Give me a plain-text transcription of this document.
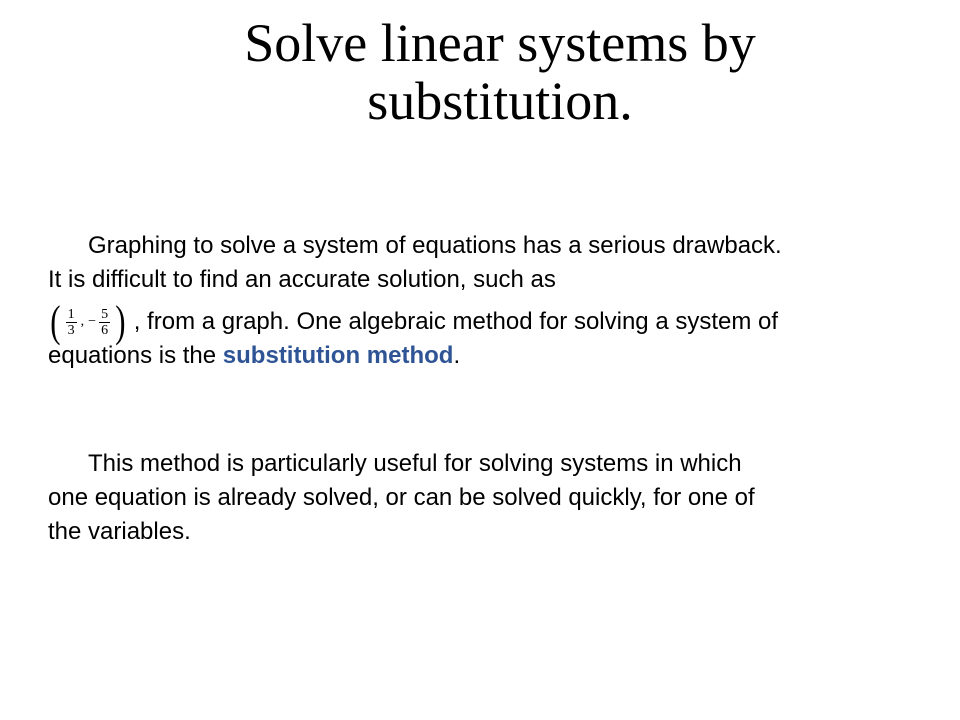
Solve linear systems by substitution.
Graphing to solve a system of equations has a serious drawback.
It is difficult to find an accurate solution, such as
( $\frac{1}{3}$ , − $\frac{5}{6}$ ) , from a graph. One algebraic method for solving a system of
equations is the substitution method.
This method is particularly useful for solving systems in which
one equation is already solved, or can be solved quickly, for one of
the variables.
